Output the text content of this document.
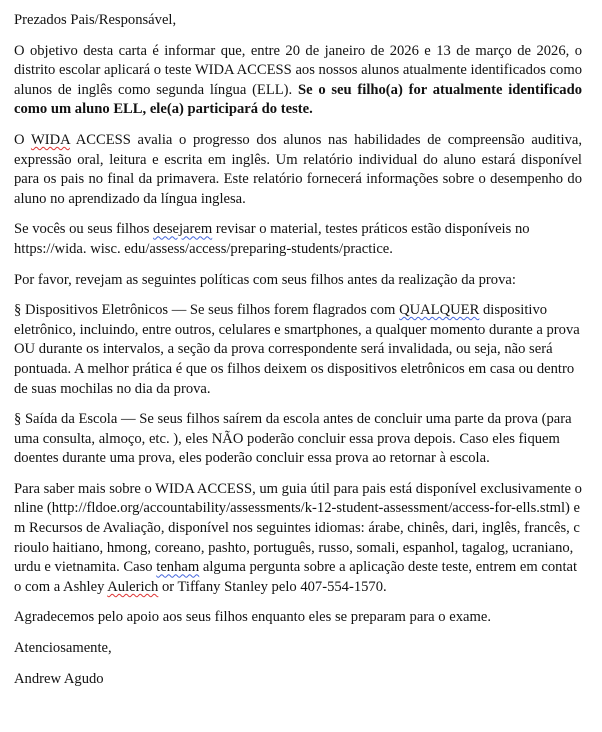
Prezados Pais/Responsável,

O objetivo desta carta é informar que, entre 20 de janeiro de 2026 e 13 de março de 2026, o distrito escolar aplicará o teste WIDA ACCESS aos nossos alunos atualmente identificados como alunos de inglês como segunda língua (ELL). Se o seu filho(a) for atualmente identificado como um aluno ELL, ele(a) participará do teste.

O WIDA ACCESS avalia o progresso dos alunos nas habilidades de compreensão auditiva, expressão oral, leitura e escrita em inglês. Um relatório individual do aluno estará disponível para os pais no final da primavera. Este relatório fornecerá informações sobre o desempenho do aluno no aprendizado da língua inglesa.

Se vocês ou seus filhos desejarem revisar o material, testes práticos estão disponíveis no https://wida. wisc. edu/assess/access/preparing-students/practice.

Por favor, revejam as seguintes políticas com seus filhos antes da realização da prova:

§ Dispositivos Eletrônicos — Se seus filhos forem flagrados com QUALQUER dispositivo eletrônico, incluindo, entre outros, celulares e smartphones, a qualquer momento durante a prova OU durante os intervalos, a seção da prova correspondente será invalidada, ou seja, não será pontuada. A melhor prática é que os filhos deixem os dispositivos eletrônicos em casa ou dentro de suas mochilas no dia da prova.

§ Saída da Escola — Se seus filhos saírem da escola antes de concluir uma parte da prova (para uma consulta, almoço, etc. ), eles NÃO poderão concluir essa prova depois. Caso eles fiquem doentes durante uma prova, eles poderão concluir essa prova ao retornar à escola.

Para saber mais sobre o WIDA ACCESS, um guia útil para pais está disponível exclusivamente online (http://fldoe.org/accountability/assessments/k-12-student-assessment/access-for-ells.stml) em Recursos de Avaliação, disponível nos seguintes idiomas: árabe, chinês, dari, inglês, francês, crioulo haitiano, hmong, coreano, pashto, português, russo, somali, espanhol, tagalog, ucraniano, urdu e vietnamita. Caso tenham alguma pergunta sobre a aplicação deste teste, entrem em contato com a Ashley Aulerich or Tiffany Stanley pelo 407-554-1570.

Agradecemos pelo apoio aos seus filhos enquanto eles se preparam para o exame.

Atenciosamente,

Andrew Agudo
